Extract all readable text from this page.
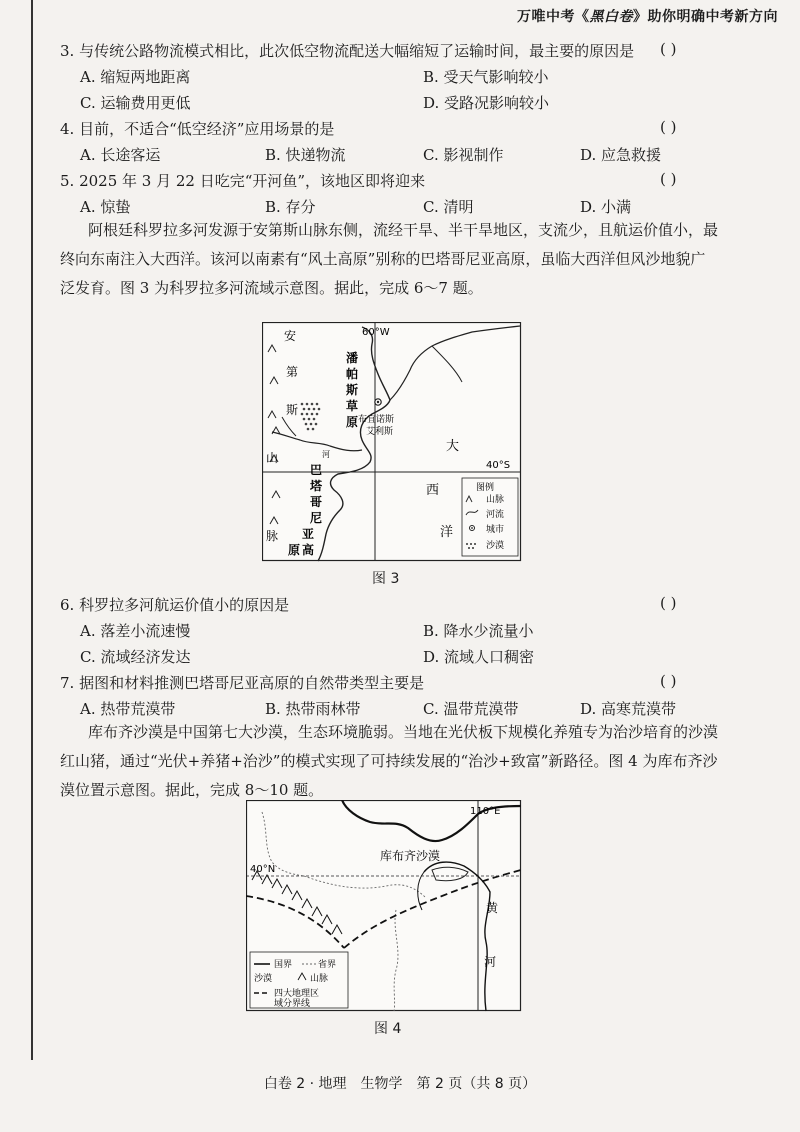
万唯中考《黑白卷》助你明确中考新方向
3. 与传统公路物流模式相比，此次低空物流配送大幅缩短了运输时间，最主要的原因是 ( )
A. 缩短两地距离	B. 受天气影响较小
C. 运输费用更低	D. 受路况影响较小
4. 目前，不适合“低空经济”应用场景的是	( )
A. 长途客运	B. 快递物流	C. 影视制作	D. 应急救援
5. 2025 年 3 月 22 日吃完“开河鱼”，该地区即将迎来	( )
A. 惊蛰	B. 存分	C. 清明	D. 小满
阿根廷科罗拉多河发源于安第斯山脉东侧，流经干旱、半干旱地区，支流少，且航运价值小，最终向东南注入大西洋。该河以南素有“风土高原”别称的巴塔哥尼亚高原，虽临大西洋但风沙地貌广泛发育。图 3 为科罗拉多河流域示意图。据此，完成 6～7 题。
60°W
40°S
安
第
斯
山
脉
潘
帕
斯
草
原
巴
塔
哥
尼
亚
高
原
布宜诺斯
艾利斯
河
大
西
洋
图例
山脉
河流
城市
沙漠
图 3
6. 科罗拉多河航运价值小的原因是	( )
A. 落差小流速慢	B. 降水少流量小
C. 流域经济发达	D. 流域人口稠密
7. 据图和材料推测巴塔哥尼亚高原的自然带类型主要是	( )
A. 热带荒漠带	B. 热带雨林带	C. 温带荒漠带	D. 高寒荒漠带
库布齐沙漠是中国第七大沙漠，生态环境脆弱。当地在光伏板下规模化养殖专为治沙培育的沙漠红山猪，通过“光伏+养猪+治沙”的模式实现了可持续发展的“治沙+致富”新路径。图 4 为库布齐沙漠位置示意图。据此，完成 8～10 题。
110°E
40°N
库布齐沙漠
黄
河
国界	省界
沙漠	山脉
四大地理区
域分界线
图 4
白卷 2 · 地理　生物学　第 2 页（共 8 页）
